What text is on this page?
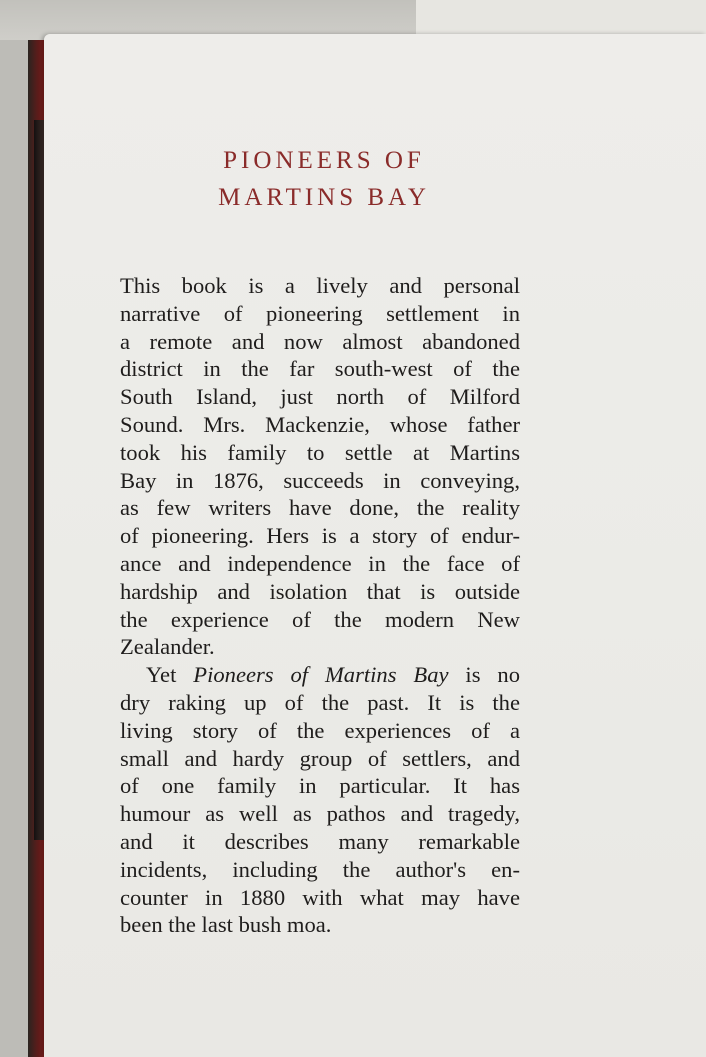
PIONEERS OF
MARTINS BAY
This book is a lively and personal
narrative of pioneering settlement in
a remote and now almost abandoned
district in the far south-west of the
South Island, just north of Milford
Sound. Mrs. Mackenzie, whose father
took his family to settle at Martins
Bay in 1876, succeeds in conveying,
as few writers have done, the reality
of pioneering. Hers is a story of endur-
ance and independence in the face of
hardship and isolation that is outside
the experience of the modern New
Zealander.
Yet Pioneers of Martins Bay is no
dry raking up of the past. It is the
living story of the experiences of a
small and hardy group of settlers, and
of one family in particular. It has
humour as well as pathos and tragedy,
and it describes many remarkable
incidents, including the author's en-
counter in 1880 with what may have
been the last bush moa.
